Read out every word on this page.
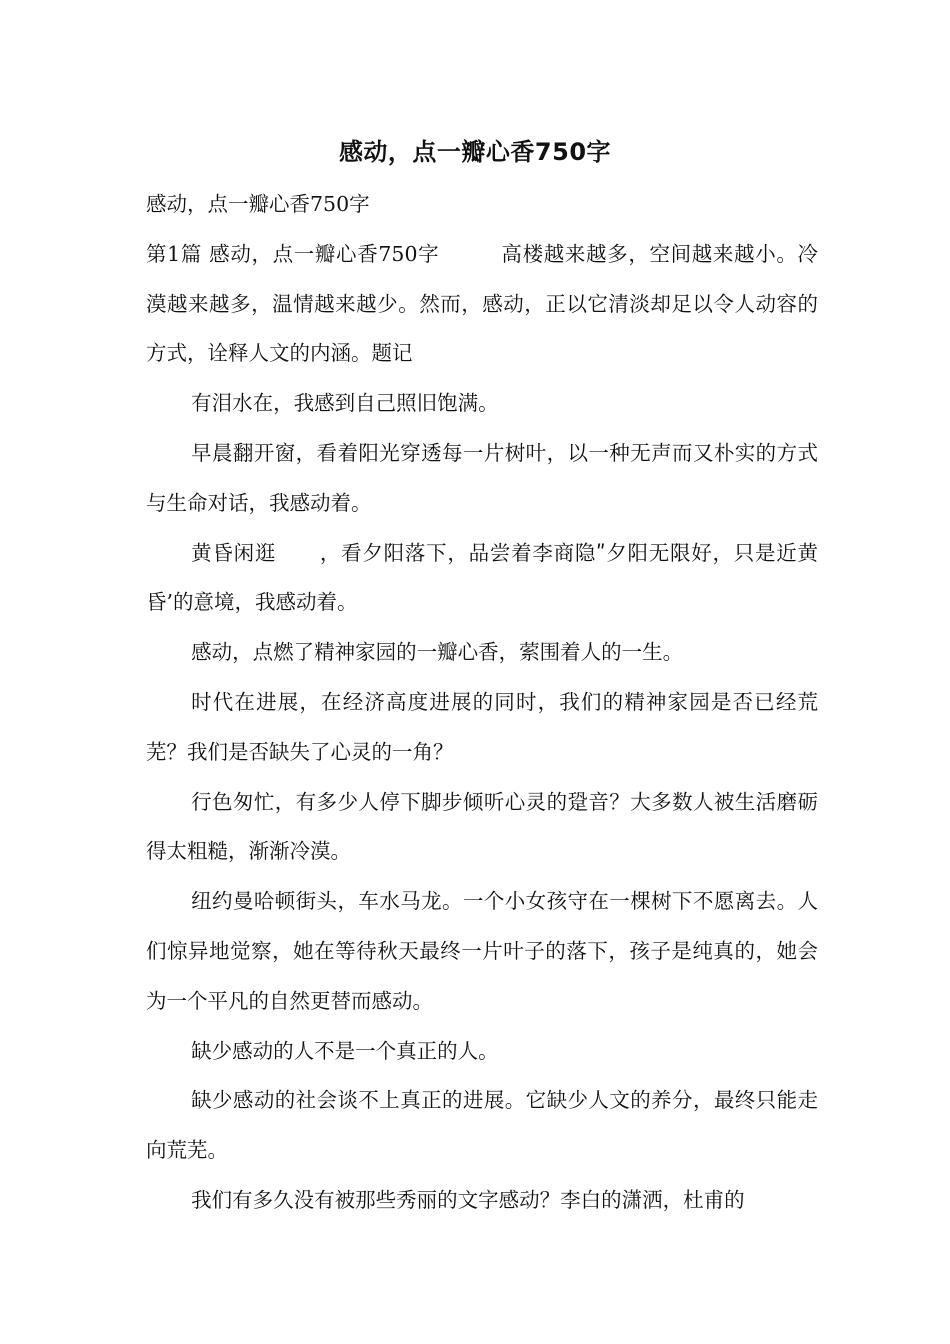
感动，点一瓣心香750字

感动，点一瓣心香750字

第1篇 感动，点一瓣心香750字	高楼越来越多，空间越来越小。冷漠越来越多，温情越来越少。然而，感动，正以它清淡却足以令人动容的方式，诠释人文的内涵。题记

有泪水在，我感到自己照旧饱满。

早晨翻开窗，看着阳光穿透每一片树叶，以一种无声而又朴实的方式与生命对话，我感动着。

黄昏闲逛 ，看夕阳落下，品尝着李商隐ʺ夕阳无限好，只是近黄昏’的意境，我感动着。

感动，点燃了精神家园的一瓣心香，萦围着人的一生。

时代在进展，在经济高度进展的同时，我们的精神家园是否已经荒芜？我们是否缺失了心灵的一角？

行色匆忙，有多少人停下脚步倾听心灵的跫音？大多数人被生活磨砺得太粗糙，渐渐冷漠。

纽约曼哈顿街头，车水马龙。一个小女孩守在一棵树下不愿离去。人们惊异地觉察，她在等待秋天最终一片叶子的落下，孩子是纯真的，她会为一个平凡的自然更替而感动。

缺少感动的人不是一个真正的人。

缺少感动的社会谈不上真正的进展。它缺少人文的养分，最终只能走向荒芜。

我们有多久没有被那些秀丽的文字感动？李白的潇洒，杜甫的
